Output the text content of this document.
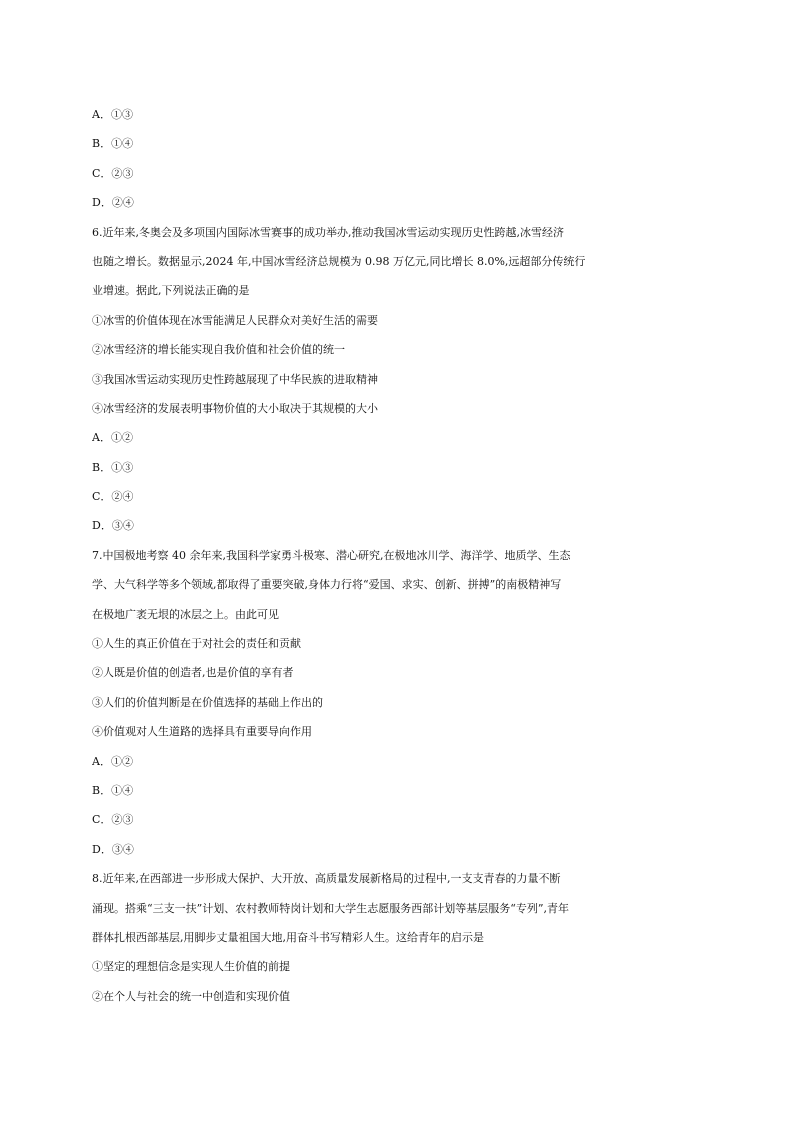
A．①③
B．①④
C．②③
D．②④
6.近年来,冬奥会及多项国内国际冰雪赛事的成功举办,推动我国冰雪运动实现历史性跨越,冰雪经济
也随之增长。数据显示,2024 年,中国冰雪经济总规模为 0.98 万亿元,同比增长 8.0%,远超部分传统行
业增速。据此,下列说法正确的是
①冰雪的价值体现在冰雪能满足人民群众对美好生活的需要
②冰雪经济的增长能实现自我价值和社会价值的统一
③我国冰雪运动实现历史性跨越展现了中华民族的进取精神
④冰雪经济的发展表明事物价值的大小取决于其规模的大小
A．①②
B．①③
C．②④
D．③④
7.中国极地考察 40 余年来,我国科学家勇斗极寒、潜心研究,在极地冰川学、海洋学、地质学、生态
学、大气科学等多个领域,都取得了重要突破,身体力行将“爱国、求实、创新、拼搏”的南极精神写
在极地广袤无垠的冰层之上。由此可见
①人生的真正价值在于对社会的责任和贡献
②人既是价值的创造者,也是价值的享有者
③人们的价值判断是在价值选择的基础上作出的
④价值观对人生道路的选择具有重要导向作用
A．①②
B．①④
C．②③
D．③④
8.近年来,在西部进一步形成大保护、大开放、高质量发展新格局的过程中,一支支青春的力量不断
涌现。搭乘“三支一扶”计划、农村教师特岗计划和大学生志愿服务西部计划等基层服务“专列”,青年
群体扎根西部基层,用脚步丈量祖国大地,用奋斗书写精彩人生。这给青年的启示是
①坚定的理想信念是实现人生价值的前提
②在个人与社会的统一中创造和实现价值
